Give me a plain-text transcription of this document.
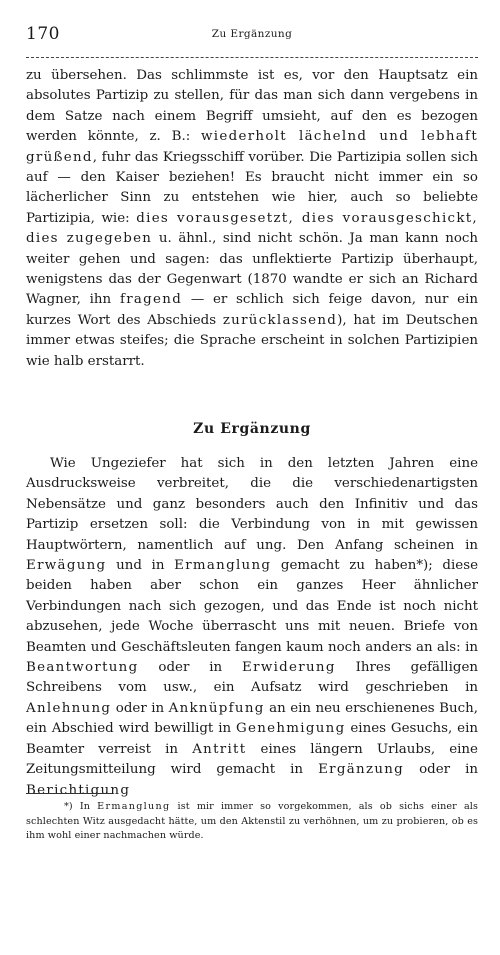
170	Zu Ergänzung

zu übersehen. Das schlimmste ist es, vor den Hauptsatz ein absolutes Partizip zu stellen, für das man sich dann vergebens in dem Satze nach einem Begriff umsieht, auf den es bezogen werden könnte, z. B.: wiederholt lächelnd und lebhaft grüßend, fuhr das Kriegsschiff vorüber. Die Partizipia sollen sich auf — den Kaiser beziehen! Es braucht nicht immer ein so lächerlicher Sinn zu entstehen wie hier, auch so beliebte Partizipia, wie: dies vorausgesetzt, dies vorausgeschickt, dies zugegeben u. ähnl., sind nicht schön. Ja man kann noch weiter gehen und sagen: das unflektierte Partizip überhaupt, wenigstens das der Gegenwart (1870 wandte er sich an Richard Wagner, ihn fragend — er schlich sich feige davon, nur ein kurzes Wort des Abschieds zurücklassend), hat im Deutschen immer etwas steifes; die Sprache erscheint in solchen Partizipien wie halb erstarrt.

Zu Ergänzung

Wie Ungeziefer hat sich in den letzten Jahren eine Ausdrucksweise verbreitet, die die verschiedenartigsten Nebensätze und ganz besonders auch den Infinitiv und das Partizip ersetzen soll: die Verbindung von in mit gewissen Hauptwörtern, namentlich auf ung. Den Anfang scheinen in Erwägung und in Ermanglung gemacht zu haben*); diese beiden haben aber schon ein ganzes Heer ähnlicher Verbindungen nach sich gezogen, und das Ende ist noch nicht abzusehen, jede Woche überrascht uns mit neuen. Briefe von Beamten und Geschäftsleuten fangen kaum noch anders an als: in Beantwortung oder in Erwiderung Ihres gefälligen Schreibens vom usw., ein Aufsatz wird geschrieben in Anlehnung oder in Anknüpfung an ein neu erschienenes Buch, ein Abschied wird bewilligt in Genehmigung eines Gesuchs, ein Beamter verreist in Antritt eines längern Urlaubs, eine Zeitungsmitteilung wird gemacht in Ergänzung oder in Berichtigung

*) In Ermanglung ist mir immer so vorgekommen, als ob sichs einer als schlechten Witz ausgedacht hätte, um den Aktenstil zu verhöhnen, um zu probieren, ob es ihm wohl einer nachmachen würde.
